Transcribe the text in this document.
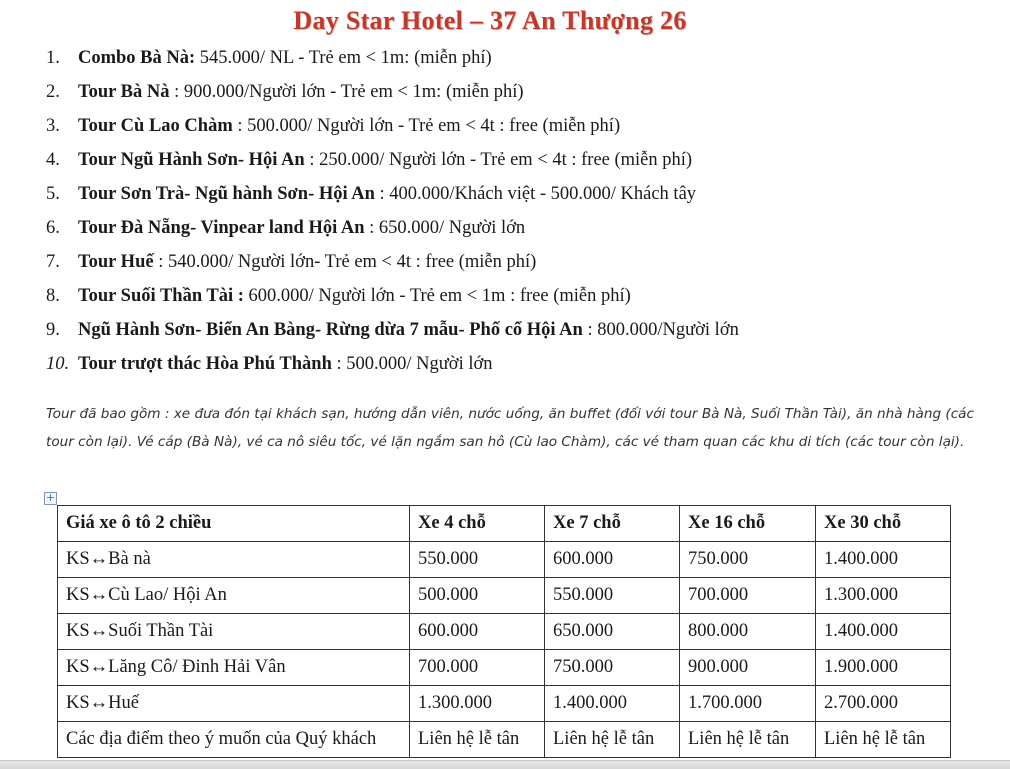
Day Star Hotel – 37 An Thượng 26
1. Combo Bà Nà: 545.000/ NL - Trẻ em < 1m: (miễn phí)
2. Tour Bà Nà : 900.000/Người lớn - Trẻ em < 1m: (miễn phí)
3. Tour Cù Lao Chàm : 500.000/ Người lớn - Trẻ em < 4t : free (miễn phí)
4. Tour Ngũ Hành Sơn- Hội An : 250.000/ Người lớn - Trẻ em < 4t : free (miễn phí)
5. Tour Sơn Trà- Ngũ hành Sơn- Hội An : 400.000/Khách việt - 500.000/ Khách tây
6. Tour Đà Nẵng- Vinpear land Hội An : 650.000/ Người lớn
7. Tour Huế : 540.000/ Người lớn- Trẻ em < 4t : free (miễn phí)
8. Tour Suối Thần Tài : 600.000/ Người lớn - Trẻ em < 1m : free (miễn phí)
9. Ngũ Hành Sơn- Biển An Bàng- Rừng dừa 7 mẫu- Phố cổ Hội An : 800.000/Người lớn
10. Tour trượt thác Hòa Phú Thành : 500.000/ Người lớn
Tour đã bao gồm : xe đưa đón tại khách sạn, hướng dẫn viên, nước uống, ăn buffet (đối với tour Bà Nà, Suối Thần Tài), ăn nhà hàng (các tour còn lại). Vé cáp (Bà Nà), vé ca nô siêu tốc, vé lặn ngắm san hô (Cù lao Chàm), các vé tham quan các khu di tích (các tour còn lại).
+
Giá xe ô tô 2 chiều	Xe 4 chỗ	Xe 7 chỗ	Xe 16 chỗ	Xe 30 chỗ
KS↔Bà nà	550.000	600.000	750.000	1.400.000
KS↔Cù Lao/ Hội An	500.000	550.000	700.000	1.300.000
KS↔Suối Thần Tài	600.000	650.000	800.000	1.400.000
KS↔Lăng Cô/ Đinh Hải Vân	700.000	750.000	900.000	1.900.000
KS↔Huế	1.300.000	1.400.000	1.700.000	2.700.000
Các địa điểm theo ý muốn của Quý khách	Liên hệ lễ tân	Liên hệ lễ tân	Liên hệ lễ tân	Liên hệ lễ tân
